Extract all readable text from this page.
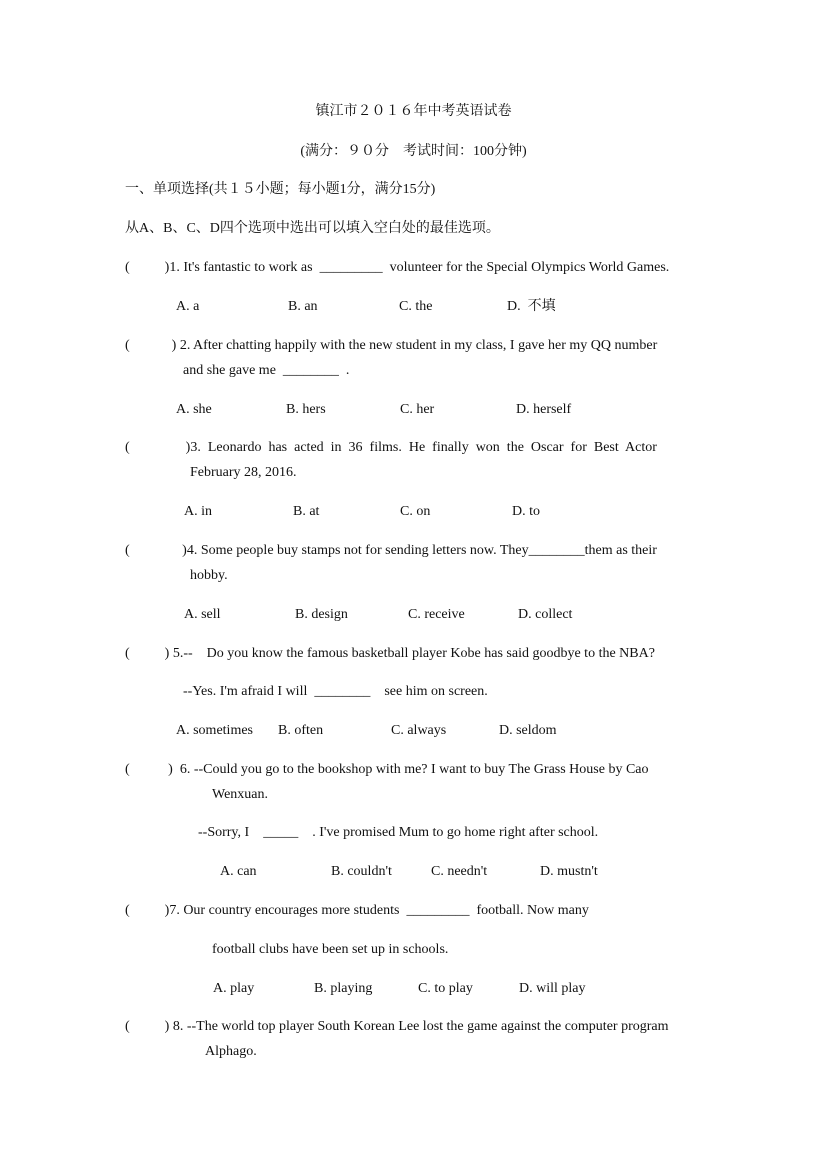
镇江市２０１６年中考英语试卷
(满分：９０分　考试时间：100分钟)
一、单项选择(共１５小题；每小题1分，满分15分)
从A、B、C、D四个选项中选出可以填入空白处的最佳选项。
(          )1. It's fantastic to work as  _________  volunteer for the Special Olympics World Games.
A. a	B. an	C. the	D.  不填
(            ) 2. After chatting happily with the new student in my class, I gave her my QQ number
and she gave me  ________  .
A. she	B. hers	C. her	D. herself
(                )3.  Leonardo  has  acted  in  36  films.  He  finally  won  the  Oscar  for  Best  Actor
February 28, 2016.
A. in	B. at	C. on	D. to
(               )4. Some people buy stamps not for sending letters now. They________them as their
hobby.
A. sell	B. design	C. receive	D. collect
(          ) 5.--    Do you know the famous basketball player Kobe has said goodbye to the NBA?
--Yes. I'm afraid I will  ________    see him on screen.
A. sometimes B. often	C. always	D. seldom
(           )  6. --Could you go to the bookshop with me? I want to buy The Grass House by Cao
Wenxuan.
--Sorry, I    _____    . I've promised Mum to go home right after school.
A. can	B. couldn't	C. needn't	D. mustn't
(          )7. Our country encourages more students  _________  football. Now many
football clubs have been set up in schools.
A. play	B. playing	C. to play	D. will play
(          ) 8. --The world top player South Korean Lee lost the game against the computer program
Alphago.
